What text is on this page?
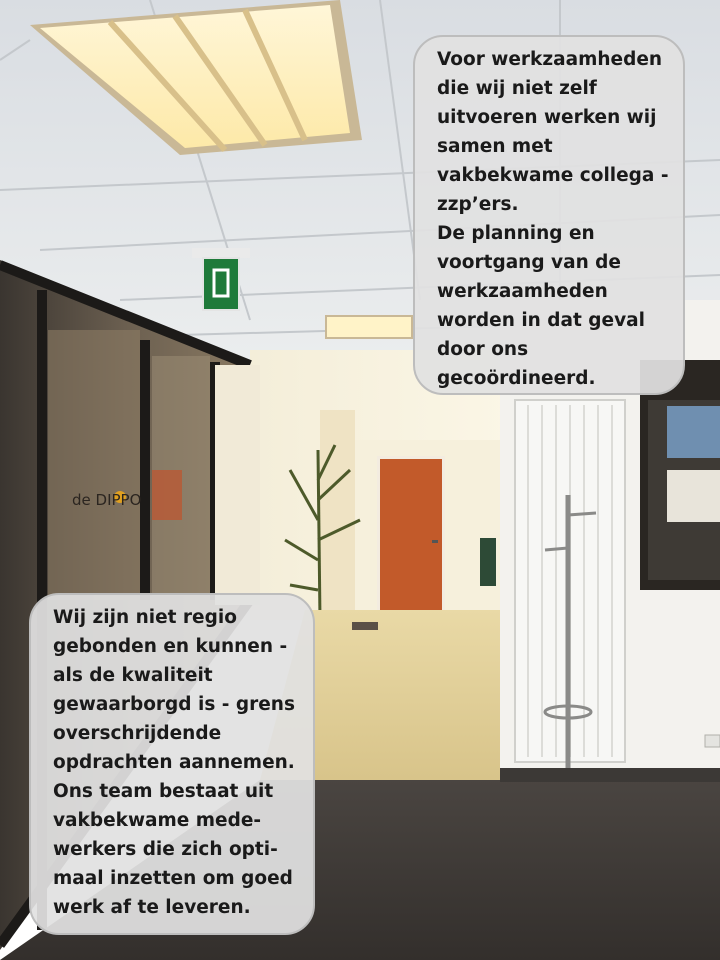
de DIPPO
Voor werkzaamheden
die wij niet zelf
uitvoeren werken wij
samen met
vakbekwame collega -
zzp’ers.
De planning en
voortgang van de
werkzaamheden
worden in dat geval
door ons
gecoördineerd.
Wij zijn niet regio
gebonden en kunnen -
als de kwaliteit
gewaarborgd is - grens
overschrijdende
opdrachten aannemen.
Ons team bestaat uit
vakbekwame mede-
werkers die zich opti-
maal inzetten om goed
werk af te leveren.
